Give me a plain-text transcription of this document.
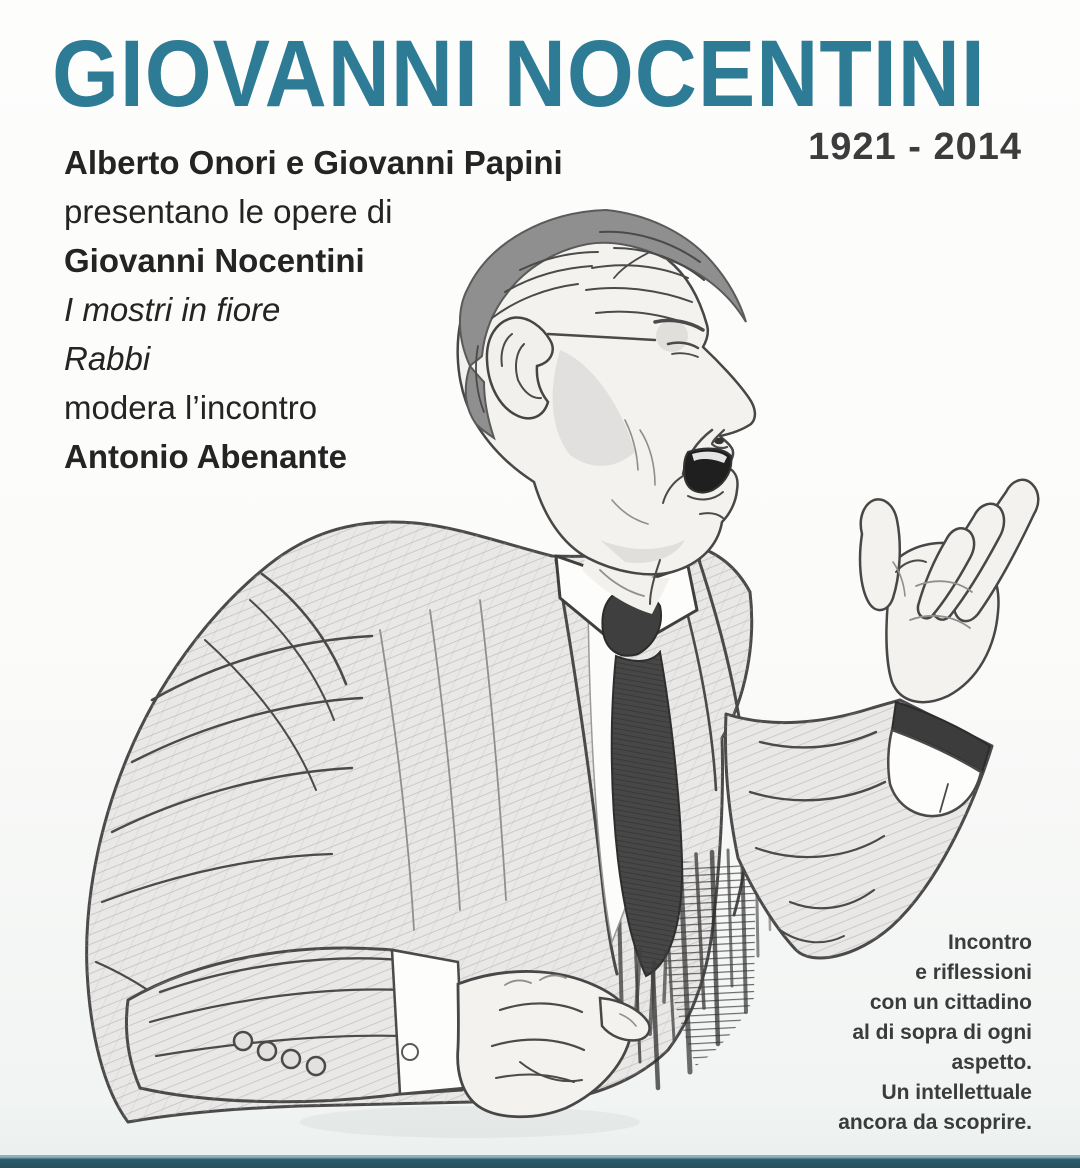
GIOVANNI NOCENTINI
1921 - 2014

Alberto Onori e Giovanni Papini

presentano le opere di

Giovanni Nocentini

I mostri in fiore

Rabbi

modera l’incontro

Antonio Abenante

Incontro

e riflessioni

con un cittadino

al di sopra di ogni

aspetto.

Un intellettuale

ancora da scoprire.
